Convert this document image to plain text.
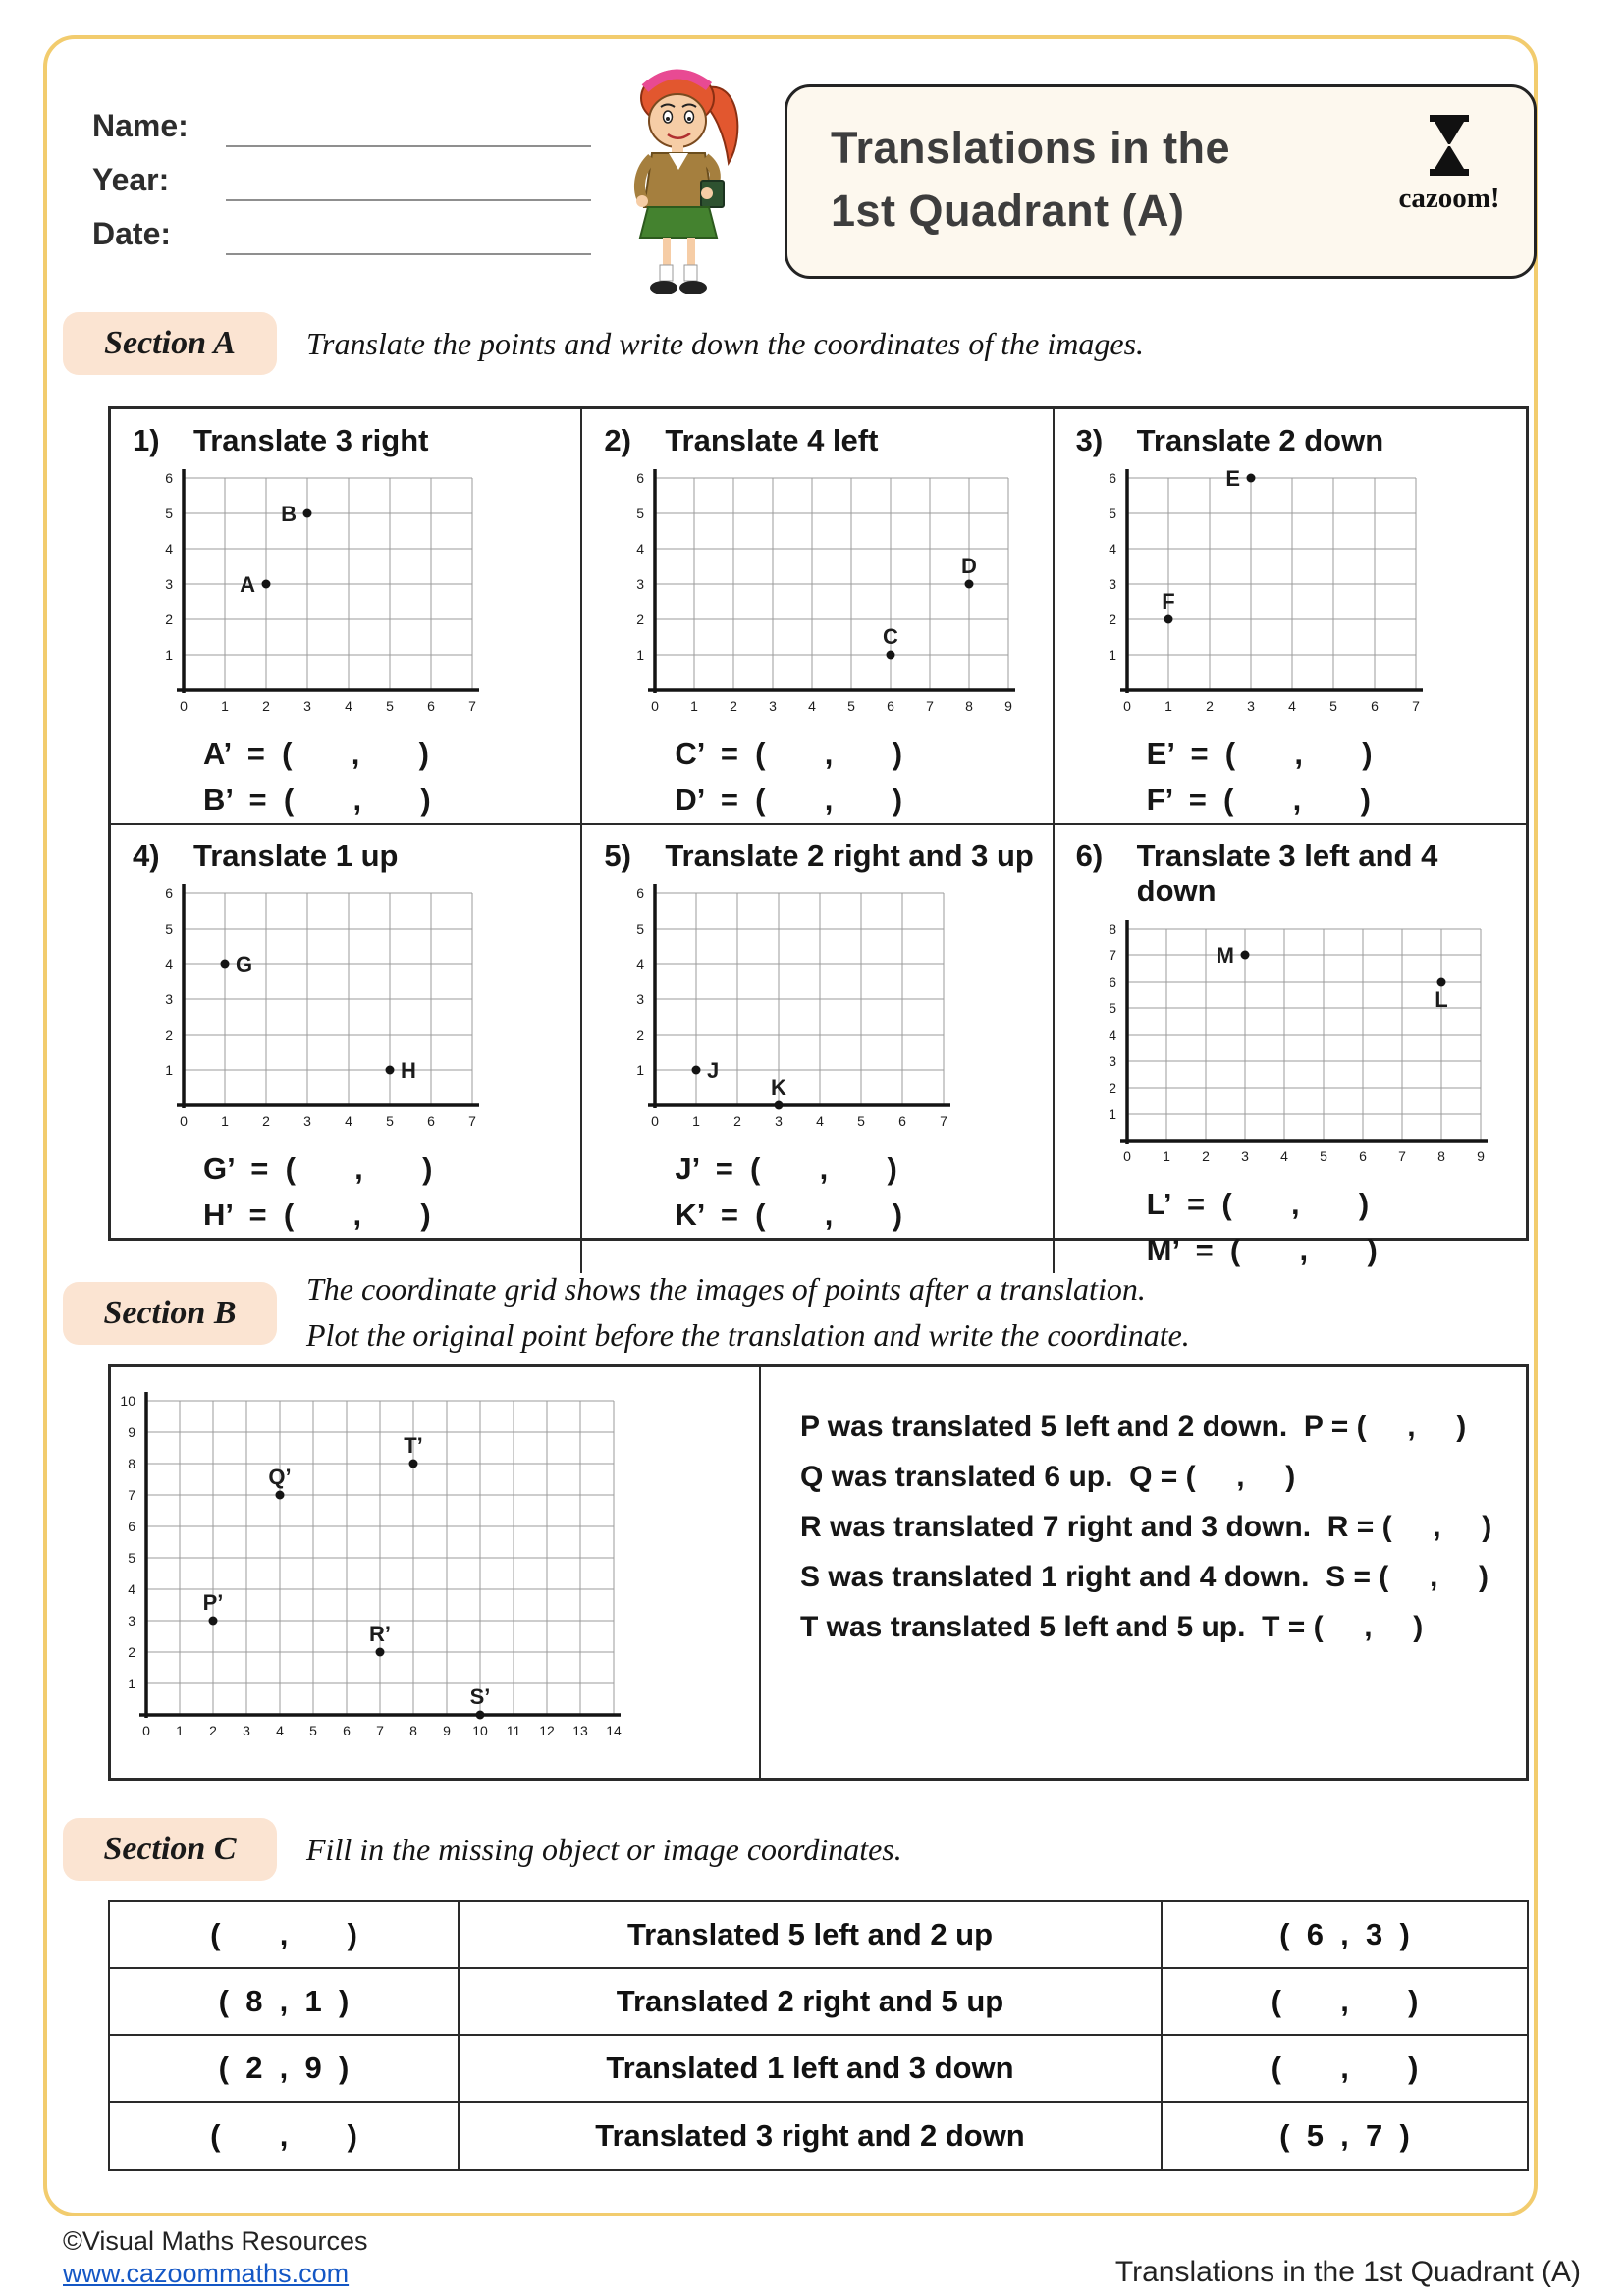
Name:
Year:
Date:
Translations in the
1st Quadrant (A)	cazoom!
Section A	Translate the points and write down the coordinates of the images.
1)	Translate 3 right
0 1 2 3 4 5 6 7
1
2
3
4
5
6
A
B
A’  =  (       ,       )
B’  =  (       ,       )
2)	Translate 4 left
0 1 2 3 4 5 6 7 8 9
1
2
3
4
5
6
C
D
C’  =  (       ,       )
D’  =  (       ,       )
3)	Translate 2 down
0 1 2 3 4 5 6 7
1
2
3
4
5
6	E
F
E’  =  (       ,       )
F’  =  (       ,       )
4)	Translate 1 up
0 1 2 3 4 5 6 7
1
2
3
4
5
6
G
H
G’  =  (       ,       )
H’  =  (       ,       )
5)	Translate 2 right and 3 up
0 1 2 3 4 5 6 7
1
2
3
4
5
6
J
K
J’  =  (       ,       )
K’  =  (       ,       )
6)	Translate 3 left and 4 down
0 1 2 3 4 5 6 7 8 9
1
2
3
4
5
6
7
8
M
L
L’  =  (       ,       )
M’  =  (       ,       )
Section B
The coordinate grid shows the images of points after a translation.
Plot the original point before the translation and write the coordinate.
0 1 2 3 4 5 6 7 8 9 10 11 12 13 14
1
2
3
4
5
6
7
8
9
10
P’
Q’
T’
R’
S’
P was translated 5 left and 2 down.  P = (     ,     )
Q was translated 6 up.  Q = (     ,     )
R was translated 7 right and 3 down.  R = (     ,     )
S was translated 1 right and 4 down.  S = (     ,     )
T was translated 5 left and 5 up.  T = (     ,     )
Section C	Fill in the missing object or image coordinates.
(       ,       )	Translated 5 left and 2 up	(  6  ,  3  )
(  8  ,  1  )	Translated 2 right and 5 up	(       ,       )
(  2  ,  9  )	Translated 1 left and 3 down	(       ,       )
(       ,       )	Translated 3 right and 2 down	(  5  ,  7  )
©Visual Maths Resources
www.cazoommaths.com	Translations in the 1st Quadrant (A)
